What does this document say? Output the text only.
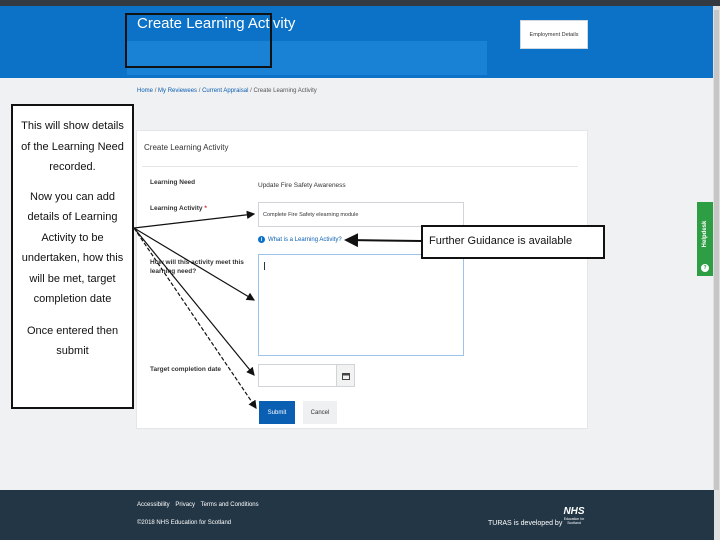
Create Learning Activity
Employment Details
Home / My Reviewees / Current Appraisal / Create Learning Activity
Create Learning Activity
Learning Need	Update Fire Safety Awareness
Learning Activity *
Complete Fire Safety elearning module
i What is a Learning Activity?
How will this activity meet this learning need?
Target completion date
Submit	Cancel
Helpdesk
?
Accessibility Privacy Terms and Conditions
©2018 NHS Education for Scotland	TURAS is developed by
NHS
Education for Scotland

This will show details of the Learning Need recorded.

Now you can add details of Learning Activity to be undertaken, how this will be met, target completion date

Once entered then submit

Further Guidance is available
